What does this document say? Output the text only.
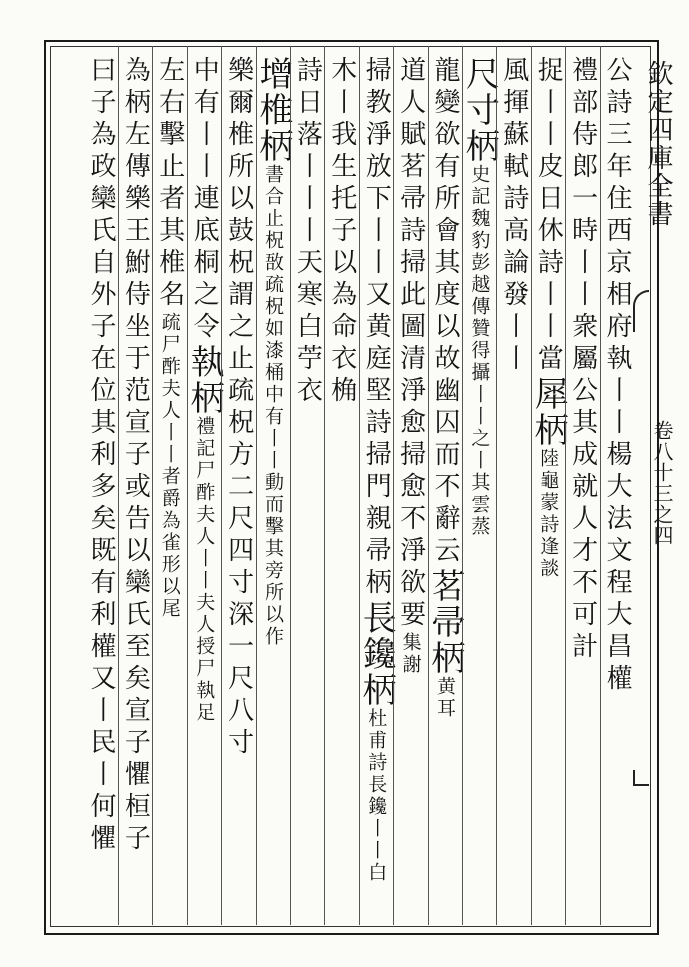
欽定四庫全書
卷八十三之四
公詩三年住西京相府執丨丨楊大法文程大昌權
禮部侍郎一時丨丨衆屬公其成就人才不可計
捉丨丨皮日休詩丨丨當犀柄陸龜蒙詩逢談
風揮蘇軾詩高論發丨丨
尺寸柄史記魏豹彭越傳贊得攝丨丨之丨其雲蒸
龍變欲有所會其度以故幽囚而不辭云茗帚柄黄耳
道人賦茗帚詩掃此圖清淨愈掃愈不淨欲要集謝
掃教淨放下丨丨又黄庭堅詩掃門親帚柄長鑱柄杜甫詩長鑱丨丨白
木丨我生托子以為命衣桷
詩日落丨丨丨天寒白苧衣
增椎柄書合止柷敔疏柷如漆桶中有丨丨動而擊其旁所以作
樂爾椎所以鼓柷謂之止疏柷方二尺四寸深一尺八寸
中有丨丨連底桐之令執柄禮記尸酢夫人丨丨夫人授尸執足
左右擊止者其椎名疏尸酢夫人丨丨者爵為雀形以尾
為柄左傳樂王鮒侍坐于范宣子或告以欒氏至矣宣子懼桓子
曰子為政欒氏自外子在位其利多矣既有利權又丨民丨何懼
